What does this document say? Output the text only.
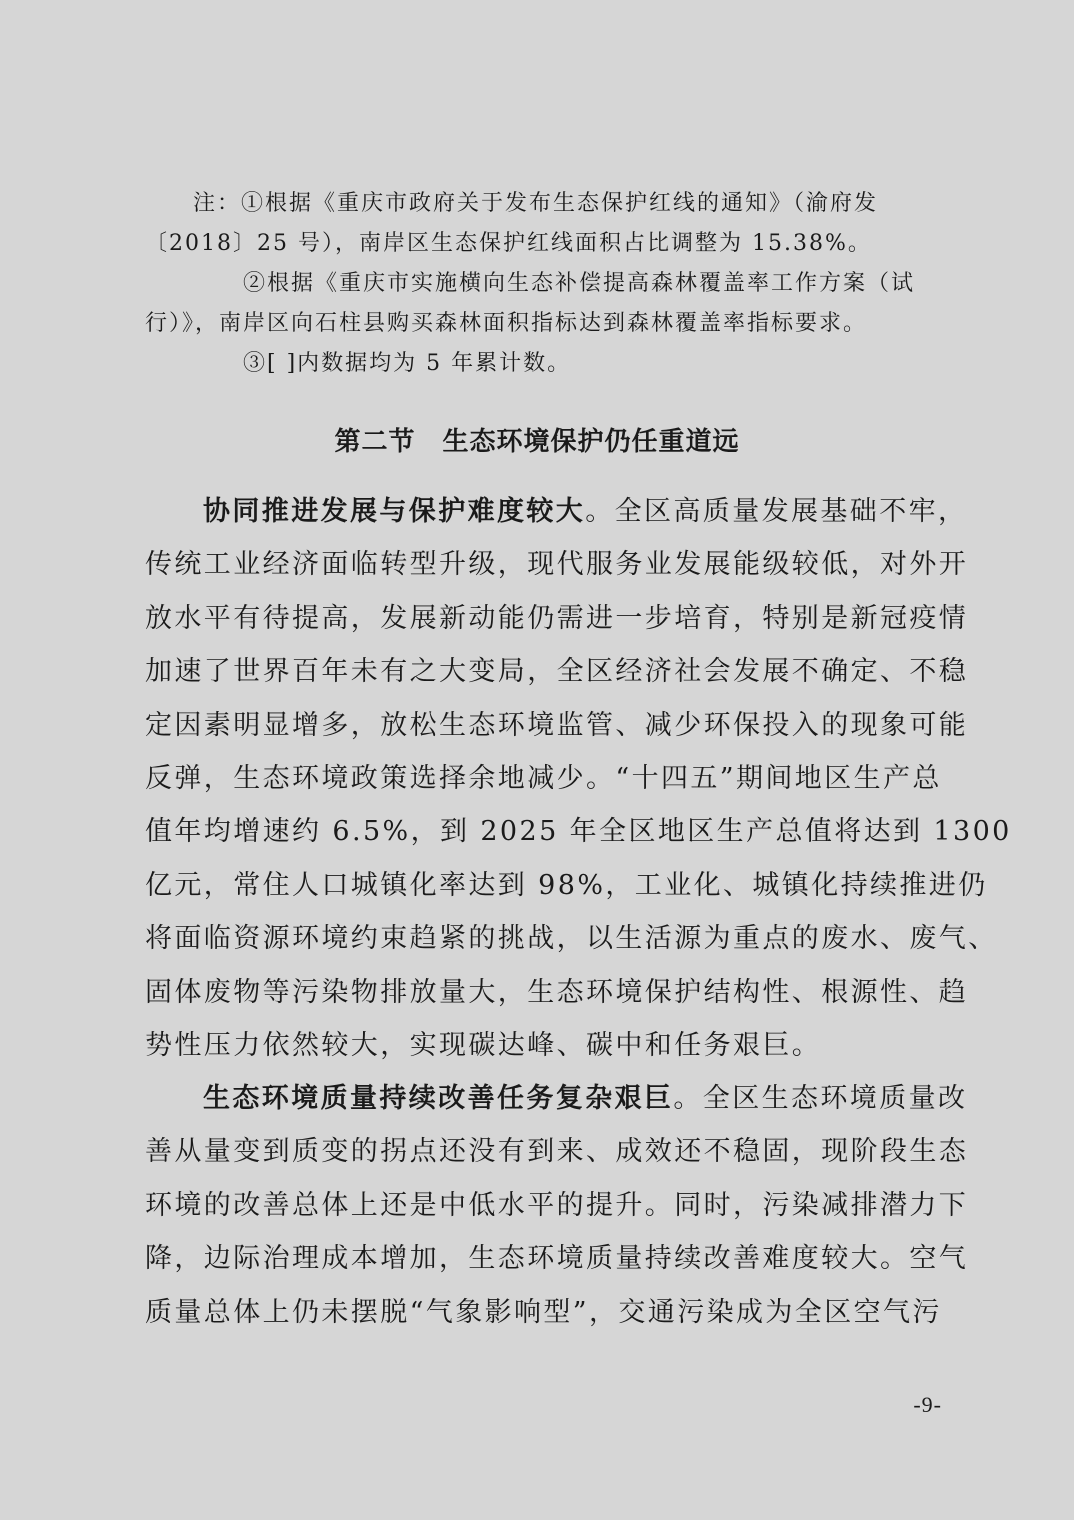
注：①根据《重庆市政府关于发布生态保护红线的通知》（渝府发
〔2018〕25 号），南岸区生态保护红线面积占比调整为 15.38%。
②根据《重庆市实施横向生态补偿提高森林覆盖率工作方案（试
行）》，南岸区向石柱县购买森林面积指标达到森林覆盖率指标要求。
③[ ]内数据均为 5 年累计数。
第二节　生态环境保护仍任重道远
协同推进发展与保护难度较大。全区高质量发展基础不牢，
传统工业经济面临转型升级，现代服务业发展能级较低，对外开
放水平有待提高，发展新动能仍需进一步培育，特别是新冠疫情
加速了世界百年未有之大变局，全区经济社会发展不确定、不稳
定因素明显增多，放松生态环境监管、减少环保投入的现象可能
反弹，生态环境政策选择余地减少。“十四五”期间地区生产总
值年均增速约 6.5%，到 2025 年全区地区生产总值将达到 1300
亿元，常住人口城镇化率达到 98%，工业化、城镇化持续推进仍
将面临资源环境约束趋紧的挑战，以生活源为重点的废水、废气、
固体废物等污染物排放量大，生态环境保护结构性、根源性、趋
势性压力依然较大，实现碳达峰、碳中和任务艰巨。
生态环境质量持续改善任务复杂艰巨。全区生态环境质量改
善从量变到质变的拐点还没有到来、成效还不稳固，现阶段生态
环境的改善总体上还是中低水平的提升。同时，污染减排潜力下
降，边际治理成本增加，生态环境质量持续改善难度较大。空气
质量总体上仍未摆脱“气象影响型”，交通污染成为全区空气污
-9-
